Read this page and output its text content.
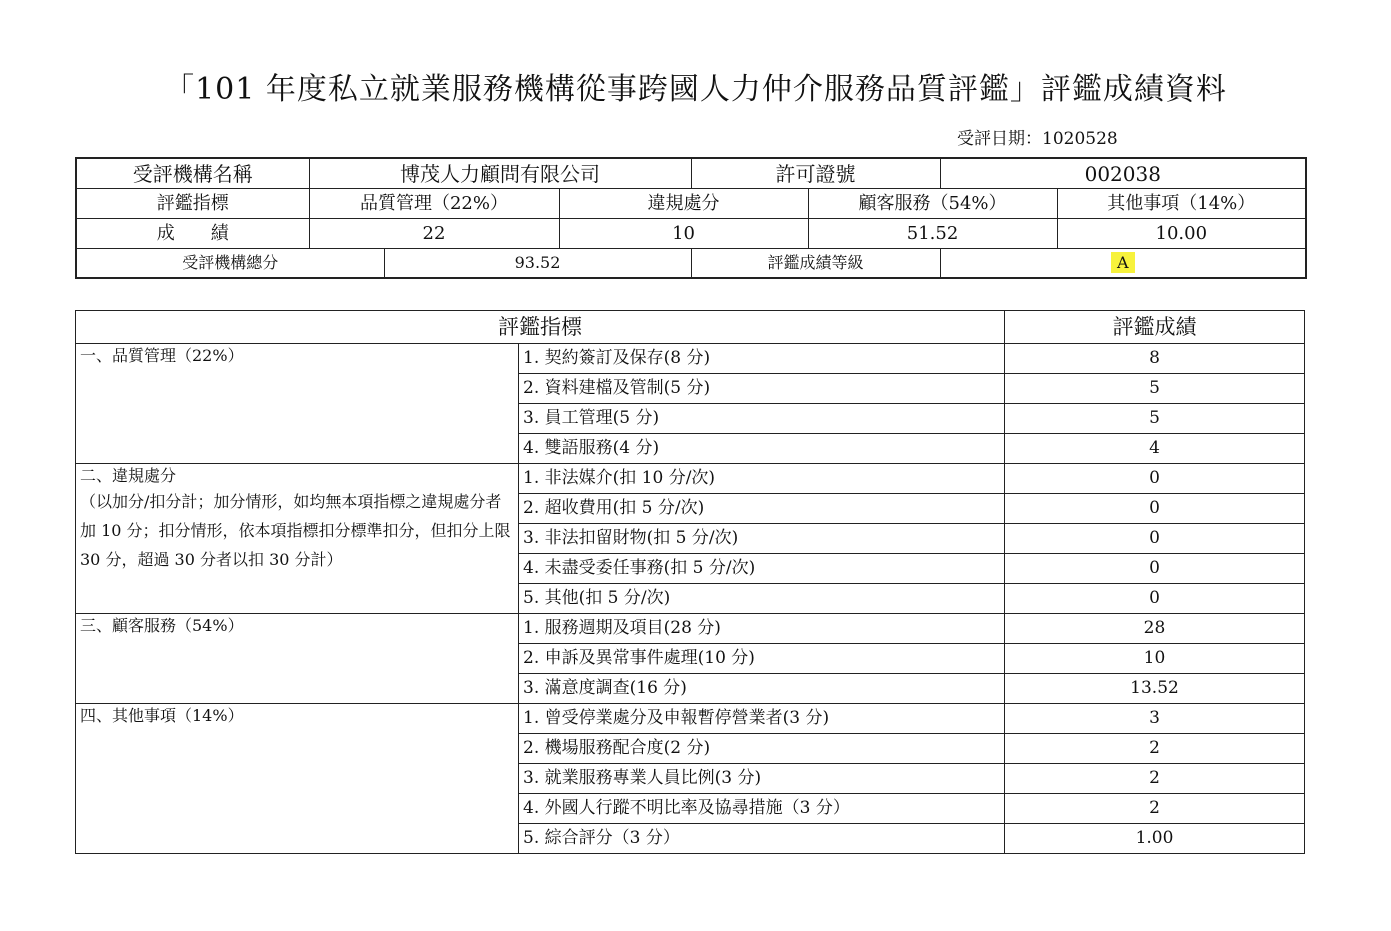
「101 年度私立就業服務機構從事跨國人力仲介服務品質評鑑」評鑑成績資料
受評日期：1020528
受評機構名稱	博茂人力顧問有限公司			許可證號		002038	
評鑑指標	品質管理（22%）		違規處分		顧客服務（54%）		其他事項（14%）
成　　績	22		10		51.52		10.00
受評機構總分		93.52		評鑑成績等級		A	
評鑑指標		評鑑成績

一、品質管理（22%）	1. 契約簽訂及保存(8 分)	8
	2. 資料建檔及管制(5 分)	5
	3. 員工管理(5 分)	5
	4. 雙語服務(4 分)	4

二、違規處分
（以加分/扣分計；加分情形，如均無本項指標之違規處分者加 10 分；扣分情形，依本項指標扣分標準扣分，但扣分上限 30 分，超過 30 分者以扣 30 分計）	1. 非法媒介(扣 10 分/次)	0
	2. 超收費用(扣 5 分/次)	0
	3. 非法扣留財物(扣 5 分/次)	0
	4. 未盡受委任事務(扣 5 分/次)	0
	5. 其他(扣 5 分/次)	0

三、顧客服務（54%）	1. 服務週期及項目(28 分)	28
	2. 申訴及異常事件處理(10 分)	10
	3. 滿意度調查(16 分)	13.52

四、其他事項（14%）	1. 曾受停業處分及申報暫停營業者(3 分)	3
	2. 機場服務配合度(2 分)	2
	3. 就業服務專業人員比例(3 分)	2
	4. 外國人行蹤不明比率及協尋措施（3 分）	2
	5. 綜合評分（3 分）	1.00
